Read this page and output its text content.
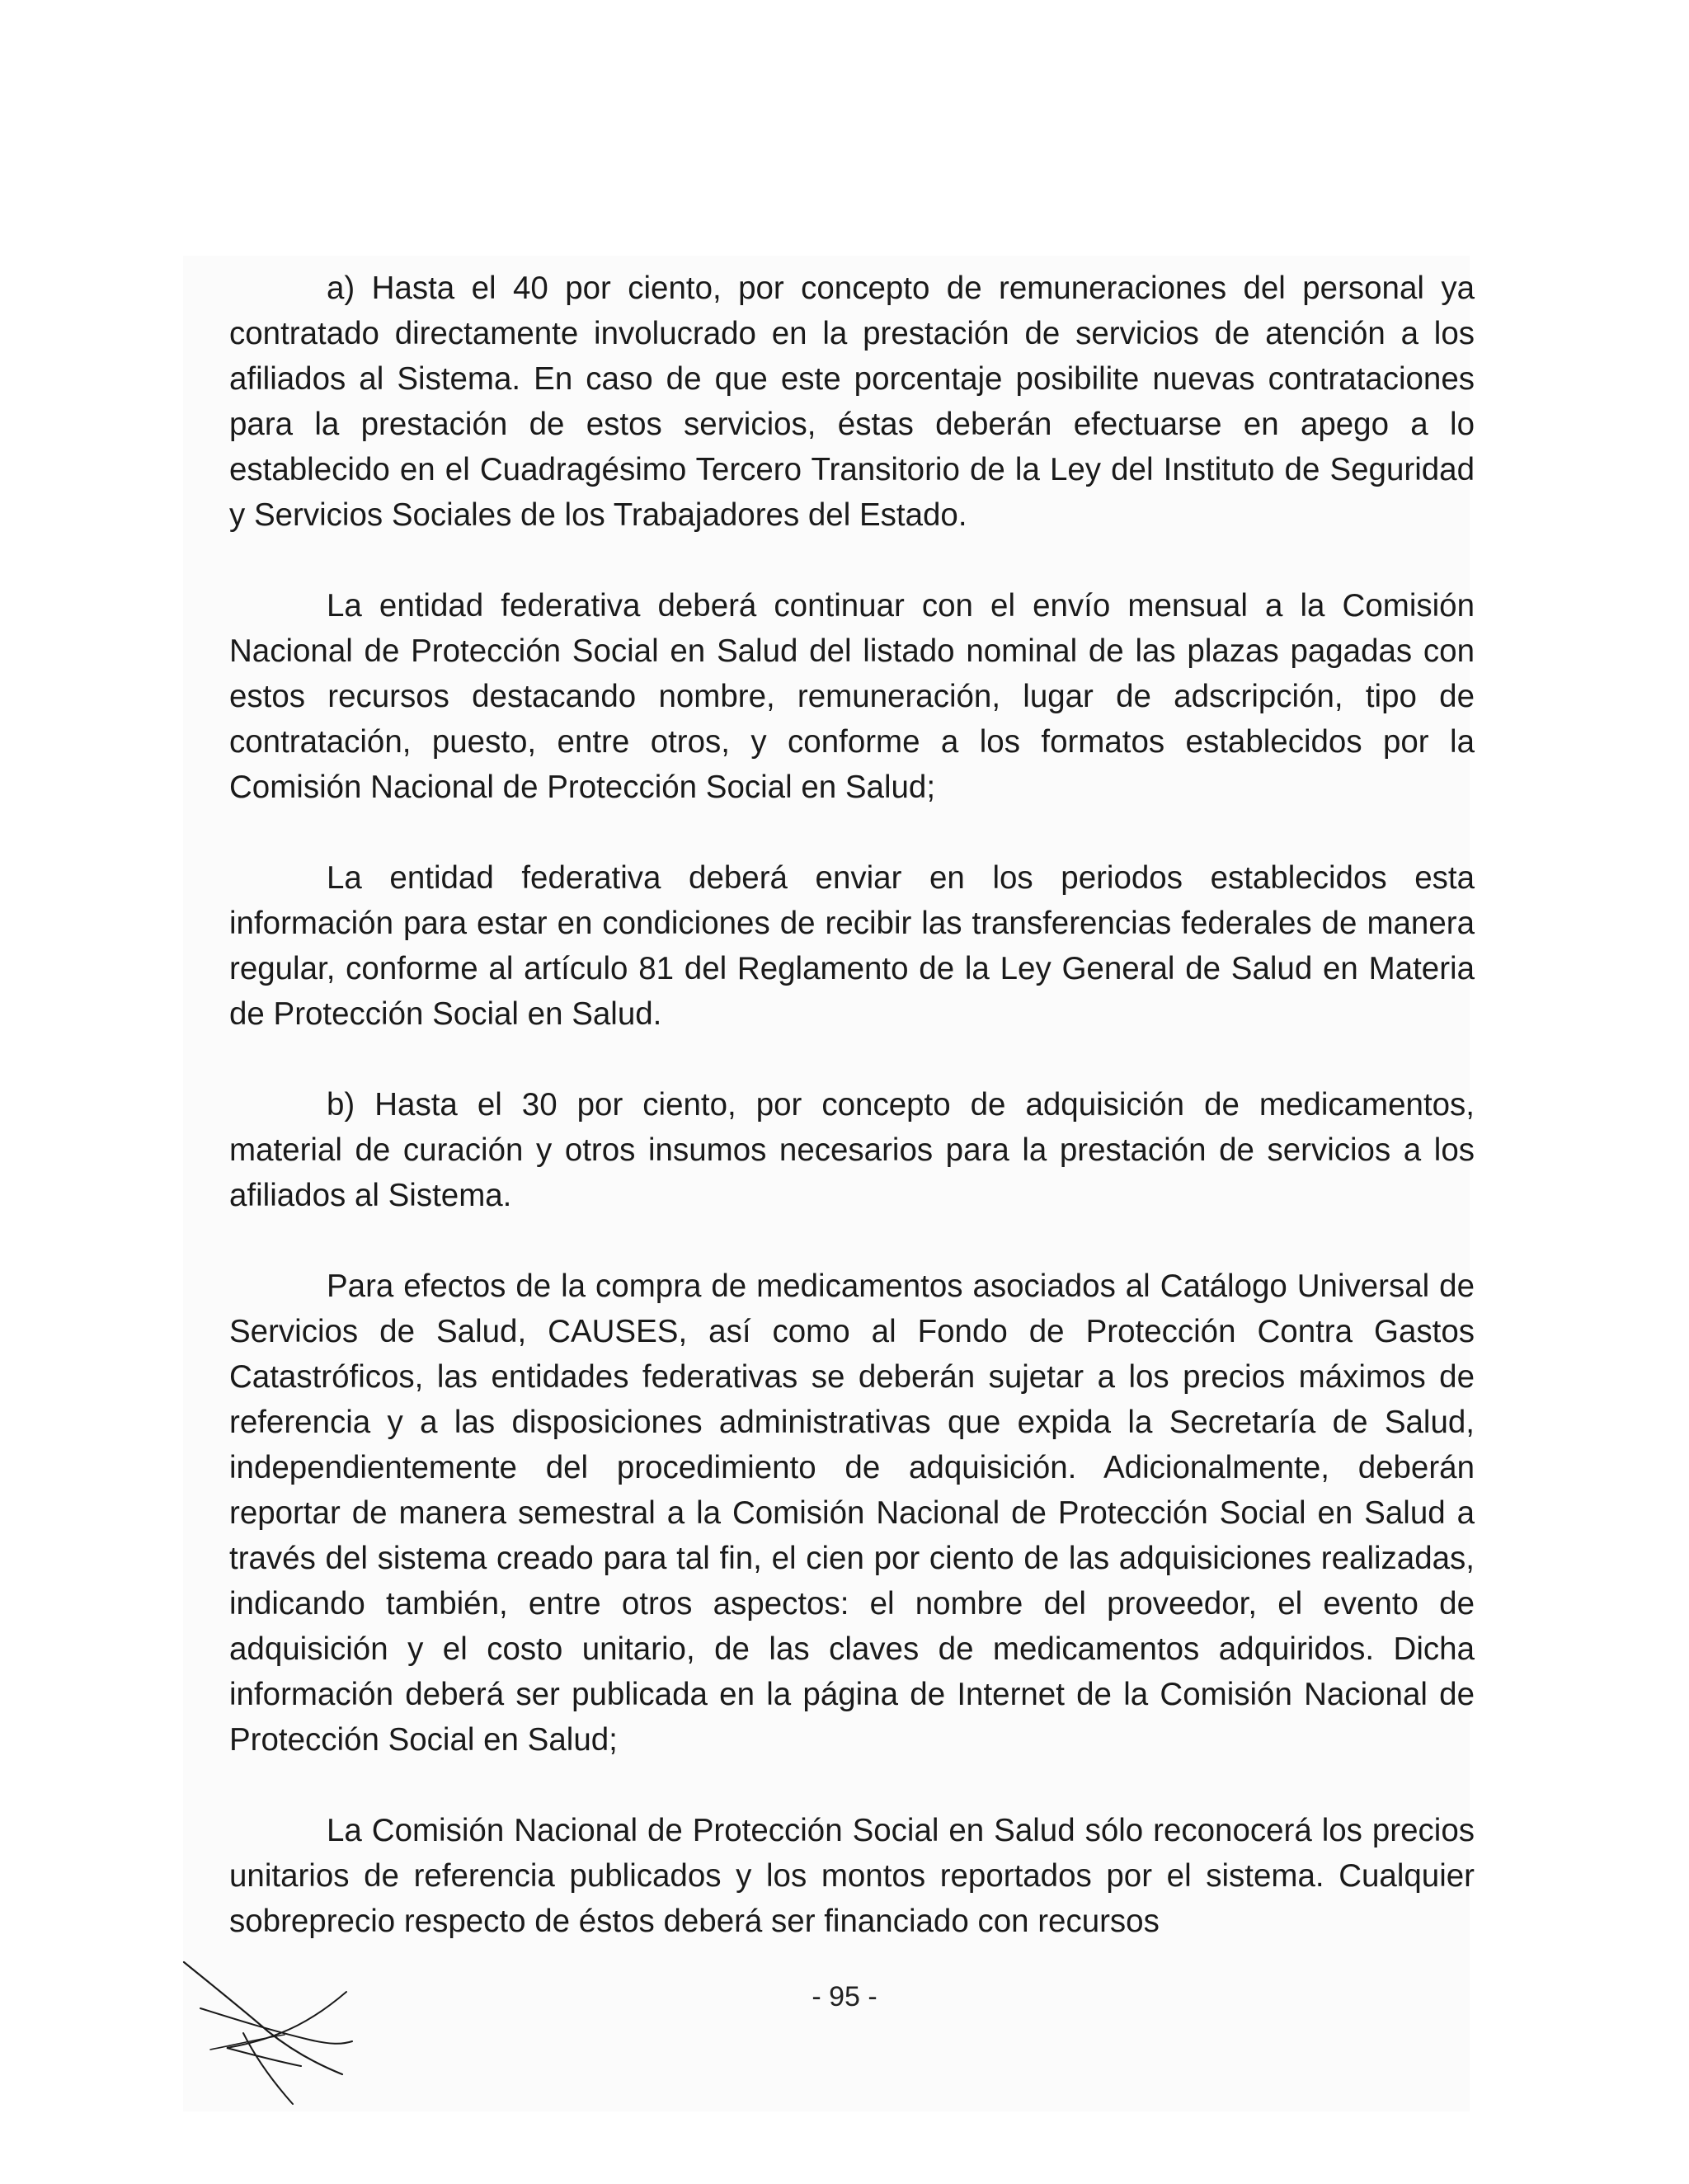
a) Hasta el 40 por ciento, por concepto de remuneraciones del personal ya contratado directamente involucrado en la prestación de servicios de atención a los afiliados al Sistema. En caso de que este porcentaje posibilite nuevas contrataciones para la prestación de estos servicios, éstas deberán efectuarse en apego a lo establecido en el Cuadragésimo Tercero Transitorio de la Ley del Instituto de Seguridad y Servicios Sociales de los Trabajadores del Estado.

La entidad federativa deberá continuar con el envío mensual a la Comisión Nacional de Protección Social en Salud del listado nominal de las plazas pagadas con estos recursos destacando nombre, remuneración, lugar de adscripción, tipo de contratación, puesto, entre otros, y conforme a los formatos establecidos por la Comisión Nacional de Protección Social en Salud;

La entidad federativa deberá enviar en los periodos establecidos esta información para estar en condiciones de recibir las transferencias federales de manera regular, conforme al artículo 81 del Reglamento de la Ley General de Salud en Materia de Protección Social en Salud.

b) Hasta el 30 por ciento, por concepto de adquisición de medicamentos, material de curación y otros insumos necesarios para la prestación de servicios a los afiliados al Sistema.

Para efectos de la compra de medicamentos asociados al Catálogo Universal de Servicios de Salud, CAUSES, así como al Fondo de Protección Contra Gastos Catastróficos, las entidades federativas se deberán sujetar a los precios máximos de referencia y a las disposiciones administrativas que expida la Secretaría de Salud, independientemente del procedimiento de adquisición. Adicionalmente, deberán reportar de manera semestral a la Comisión Nacional de Protección Social en Salud a través del sistema creado para tal fin, el cien por ciento de las adquisiciones realizadas, indicando también, entre otros aspectos: el nombre del proveedor, el evento de adquisición y el costo unitario, de las claves de medicamentos adquiridos. Dicha información deberá ser publicada en la página de Internet de la Comisión Nacional de Protección Social en Salud;

La Comisión Nacional de Protección Social en Salud sólo reconocerá los precios unitarios de referencia publicados y los montos reportados por el sistema. Cualquier sobreprecio respecto de éstos deberá ser financiado con recursos

- 95 -
